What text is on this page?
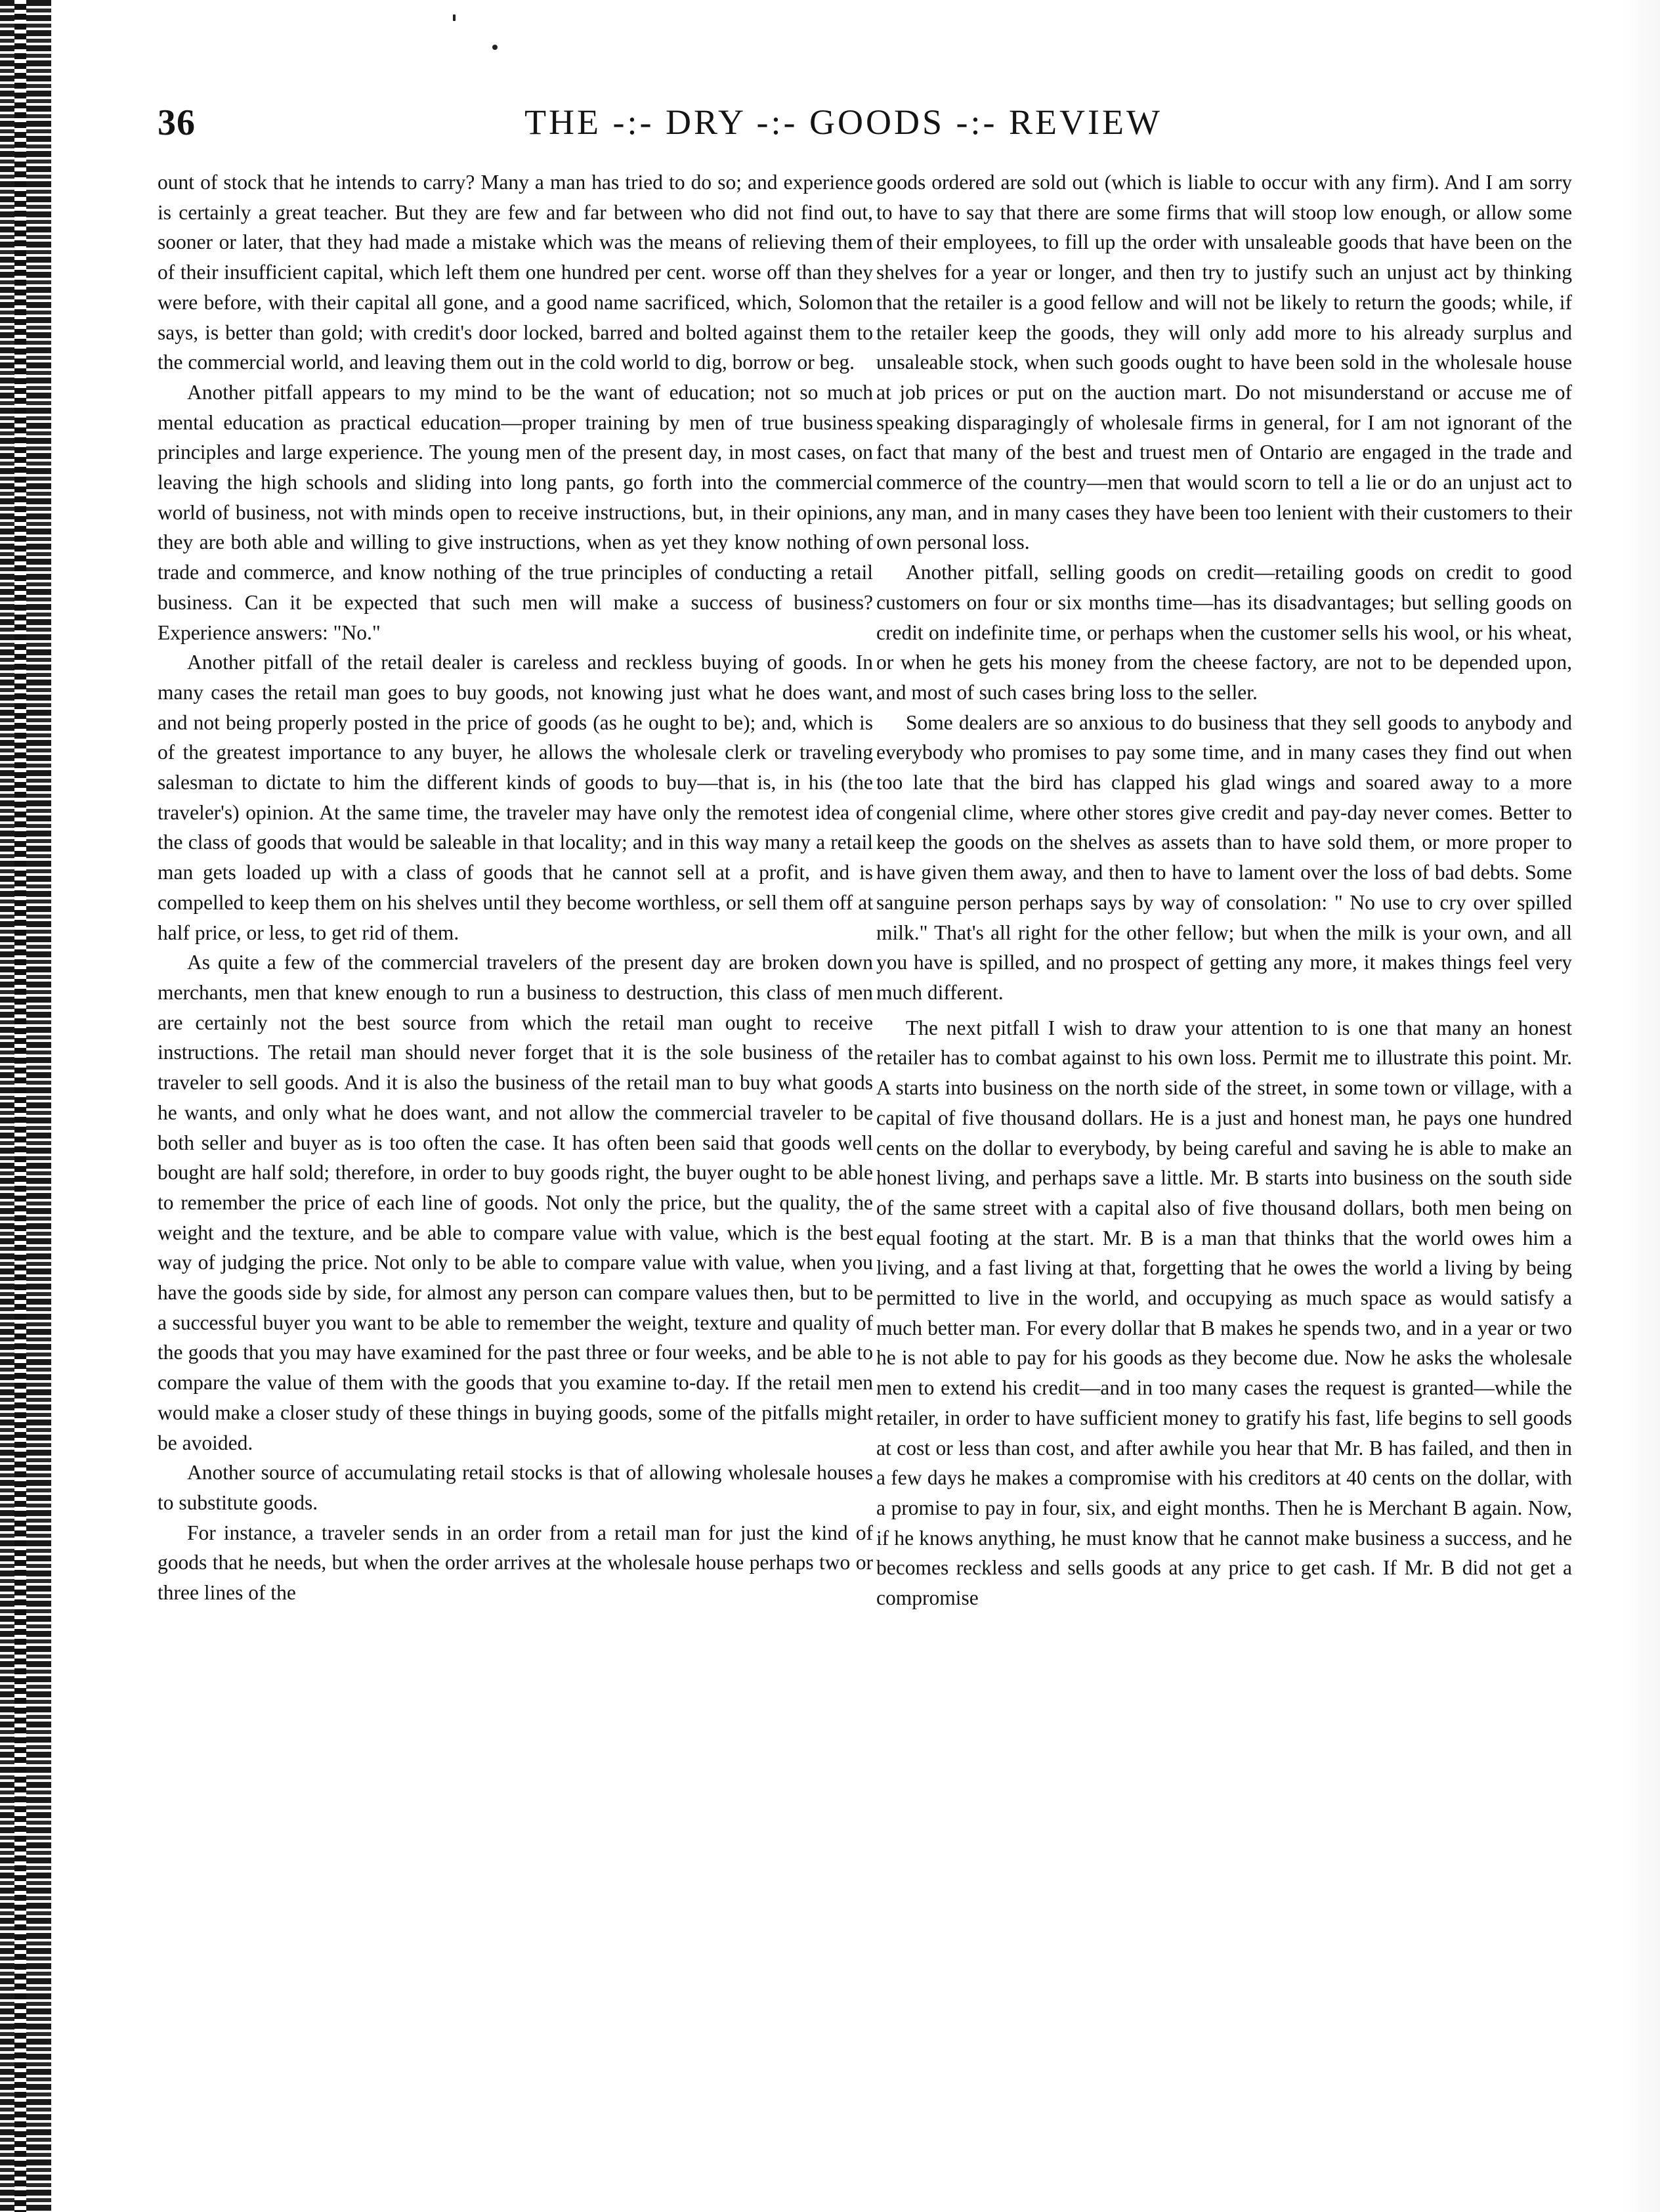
36	THE -:- DRY -:- GOODS -:- REVIEW

ount of stock that he intends to carry? Many a man has tried to do so; and experience is certainly a great teacher. But they are few and far between who did not find out, sooner or later, that they had made a mistake which was the means of relieving them of their insufficient capital, which left them one hundred per cent. worse off than they were before, with their capital all gone, and a good name sacrificed, which, Solomon says, is better than gold; with credit's door locked, barred and bolted against them to the commercial world, and leaving them out in the cold world to dig, borrow or beg.

Another pitfall appears to my mind to be the want of education; not so much mental education as practical education—proper training by men of true business principles and large experience. The young men of the present day, in most cases, on leaving the high schools and sliding into long pants, go forth into the commercial world of business, not with minds open to receive instructions, but, in their opinions, they are both able and willing to give instructions, when as yet they know nothing of trade and commerce, and know nothing of the true principles of conducting a retail business. Can it be expected that such men will make a success of business? Experience answers: "No."

Another pitfall of the retail dealer is careless and reckless buying of goods. In many cases the retail man goes to buy goods, not knowing just what he does want, and not being properly posted in the price of goods (as he ought to be); and, which is of the greatest importance to any buyer, he allows the wholesale clerk or traveling salesman to dictate to him the different kinds of goods to buy—that is, in his (the traveler's) opinion. At the same time, the traveler may have only the remotest idea of the class of goods that would be saleable in that locality; and in this way many a retail man gets loaded up with a class of goods that he cannot sell at a profit, and is compelled to keep them on his shelves until they become worthless, or sell them off at half price, or less, to get rid of them.

As quite a few of the commercial travelers of the present day are broken down merchants, men that knew enough to run a business to destruction, this class of men are certainly not the best source from which the retail man ought to receive instructions. The retail man should never forget that it is the sole business of the traveler to sell goods. And it is also the business of the retail man to buy what goods he wants, and only what he does want, and not allow the commercial traveler to be both seller and buyer as is too often the case. It has often been said that goods well bought are half sold; therefore, in order to buy goods right, the buyer ought to be able to remember the price of each line of goods. Not only the price, but the quality, the weight and the texture, and be able to compare value with value, which is the best way of judging the price. Not only to be able to compare value with value, when you have the goods side by side, for almost any person can compare values then, but to be a successful buyer you want to be able to remember the weight, texture and quality of the goods that you may have examined for the past three or four weeks, and be able to compare the value of them with the goods that you examine to-day. If the retail men would make a closer study of these things in buying goods, some of the pitfalls might be avoided.

Another source of accumulating retail stocks is that of allowing wholesale houses to substitute goods.

For instance, a traveler sends in an order from a retail man for just the kind of goods that he needs, but when the order arrives at the wholesale house perhaps two or three lines of the

goods ordered are sold out (which is liable to occur with any firm). And I am sorry to have to say that there are some firms that will stoop low enough, or allow some of their employees, to fill up the order with unsaleable goods that have been on the shelves for a year or longer, and then try to justify such an unjust act by thinking that the retailer is a good fellow and will not be likely to return the goods; while, if the retailer keep the goods, they will only add more to his already surplus and unsaleable stock, when such goods ought to have been sold in the wholesale house at job prices or put on the auction mart. Do not misunderstand or accuse me of speaking disparagingly of wholesale firms in general, for I am not ignorant of the fact that many of the best and truest men of Ontario are engaged in the trade and commerce of the country—men that would scorn to tell a lie or do an unjust act to any man, and in many cases they have been too lenient with their customers to their own personal loss.

Another pitfall, selling goods on credit—retailing goods on credit to good customers on four or six months time—has its disadvantages; but selling goods on credit on indefinite time, or perhaps when the customer sells his wool, or his wheat, or when he gets his money from the cheese factory, are not to be depended upon, and most of such cases bring loss to the seller.

Some dealers are so anxious to do business that they sell goods to anybody and everybody who promises to pay some time, and in many cases they find out when too late that the bird has clapped his glad wings and soared away to a more congenial clime, where other stores give credit and pay-day never comes. Better to keep the goods on the shelves as assets than to have sold them, or more proper to have given them away, and then to have to lament over the loss of bad debts. Some sanguine person perhaps says by way of consolation: " No use to cry over spilled milk." That's all right for the other fellow; but when the milk is your own, and all you have is spilled, and no prospect of getting any more, it makes things feel very much different.

The next pitfall I wish to draw your attention to is one that many an honest retailer has to combat against to his own loss. Permit me to illustrate this point. Mr. A starts into business on the north side of the street, in some town or village, with a capital of five thousand dollars. He is a just and honest man, he pays one hundred cents on the dollar to everybody, by being careful and saving he is able to make an honest living, and perhaps save a little. Mr. B starts into business on the south side of the same street with a capital also of five thousand dollars, both men being on equal footing at the start. Mr. B is a man that thinks that the world owes him a living, and a fast living at that, forgetting that he owes the world a living by being permitted to live in the world, and occupying as much space as would satisfy a much better man. For every dollar that B makes he spends two, and in a year or two he is not able to pay for his goods as they become due. Now he asks the wholesale men to extend his credit—and in too many cases the request is granted—while the retailer, in order to have sufficient money to gratify his fast, life begins to sell goods at cost or less than cost, and after awhile you hear that Mr. B has failed, and then in a few days he makes a compromise with his creditors at 40 cents on the dollar, with a promise to pay in four, six, and eight months. Then he is Merchant B again. Now, if he knows anything, he must know that he cannot make business a success, and he becomes reckless and sells goods at any price to get cash. If Mr. B did not get a compromise
